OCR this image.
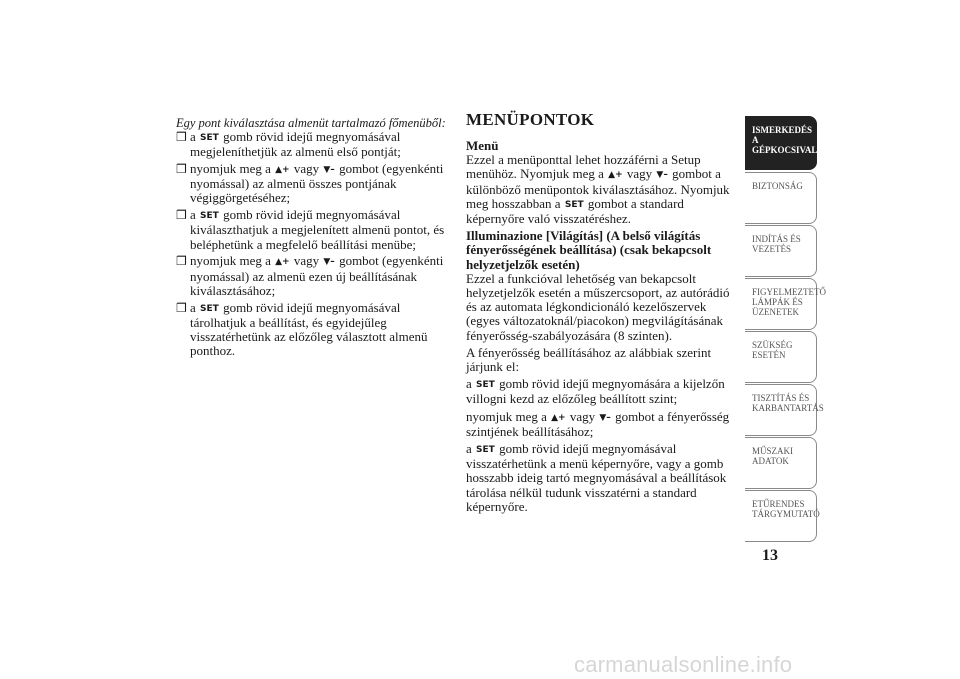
Egy pont kiválasztása almenüt tartalmazó főmenüből:
❒ a SET gomb rövid idejű megnyomásával megjeleníthetjük az almenü első pontját;
❒ nyomjuk meg a ▲+ vagy ▼– gombot (egyenkénti nyomással) az almenü összes pontjának végiggörgetéséhez;
❒ a SET gomb rövid idejű megnyomásával kiválaszthatjuk a megjelenített almenü pontot, és beléphetünk a megfelelő beállítási menübe;
❒ nyomjuk meg a ▲+ vagy ▼– gombot (egyenkénti nyomással) az almenü ezen új beállításának kiválasztásához;
❒ a SET gomb rövid idejű megnyomásával tárolhatjuk a beállítást, és egyidejűleg visszatérhetünk az előzőleg választott almenü ponthoz.
MENÜPONTOK

Menü

Ezzel a menüponttal lehet hozzáférni a Setup menühöz. Nyomjuk meg a ▲+ vagy ▼– gombot a különböző menüpontok kiválasztásához. Nyomjuk meg hosszabban a SET gombot a standard képernyőre való visszatéréshez.

Illuminazione [Világítás] (A belső világítás fényerősségének beállítása) (csak bekapcsolt helyzetjelzők esetén)

Ezzel a funkcióval lehetőség van bekapcsolt helyzetjelzők esetén a műszercsoport, az autórádió és az automata légkondicionáló kezelőszervek (egyes változatoknál/piacokon) megvilágításának fényerősség-szabályozására (8 szinten).

A fényerősség beállításához az alábbiak szerint járjunk el:

a SET gomb rövid idejű megnyomására a kijelzőn villogni kezd az előzőleg beállított szint;

nyomjuk meg a ▲+ vagy ▼– gombot a fényerősség szintjének beállításához;

a SET gomb rövid idejű megnyomásával visszatérhetünk a menü képernyőre, vagy a gomb hosszabb ideig tartó megnyomásával a beállítások tárolása nélkül tudunk visszatérni a standard képernyőre.

ISMERKEDÉS A GÉPKOCSIVAL
BIZTONSÁG
INDÍTÁS ÉS VEZETÉS
FIGYELMEZTETŐ LÁMPÁK ÉS ÜZENETEK
SZÜKSÉG ESETÉN
TISZTÍTÁS ÉS KARBANTARTÁS
MŰSZAKI ADATOK
ETŰRENDES TÁRGYMUTATÓ
13
carmanualsonline.info
